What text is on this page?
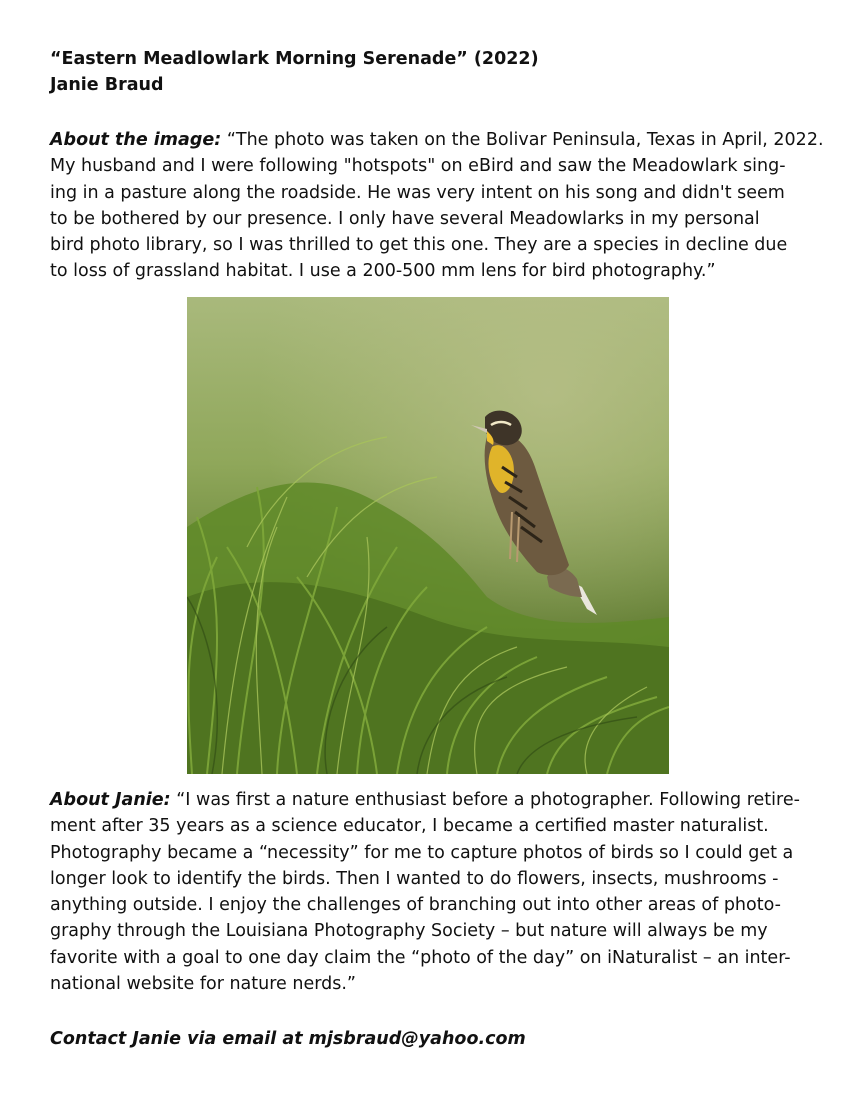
“Eastern Meadlowlark Morning Serenade” (2022)
Janie Braud

About the image: “The photo was taken on the Bolivar Peninsula, Texas in April, 2022.
My husband and I were following "hotspots" on eBird and saw the Meadowlark sing-
ing in a pasture along the roadside. He was very intent on his song and didn't seem
to be bothered by our presence. I only have several Meadowlarks in my personal
bird photo library, so I was thrilled to get this one. They are a species in decline due
to loss of grassland habitat. I use a 200-500 mm lens for bird photography.”

About Janie: “I was first a nature enthusiast before a photographer. Following retire-
ment after 35 years as a science educator, I became a certified master naturalist.
Photography became a “necessity” for me to capture photos of birds so I could get a
longer look to identify the birds. Then I wanted to do flowers, insects, mushrooms -
anything outside. I enjoy the challenges of branching out into other areas of photo-
graphy through the Louisiana Photography Society – but nature will always be my
favorite with a goal to one day claim the “photo of the day” on iNaturalist – an inter-
national website for nature nerds.”

Contact Janie via email at mjsbraud@yahoo.com
